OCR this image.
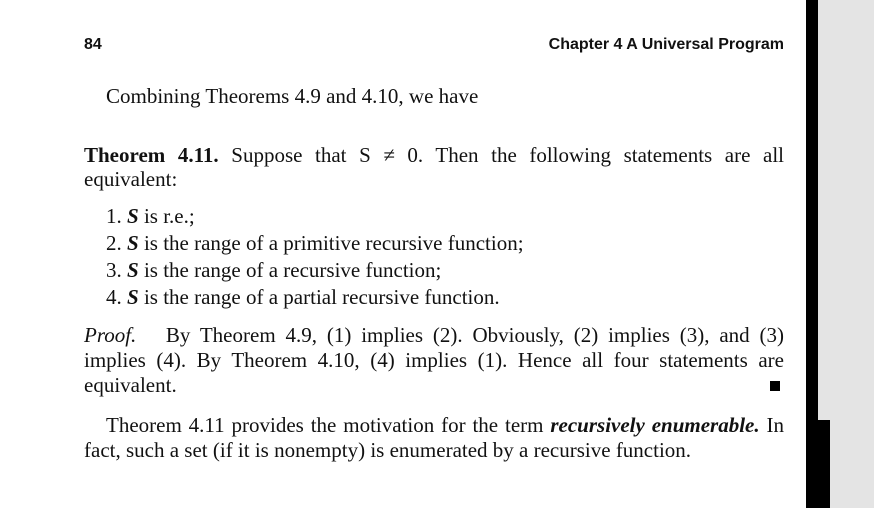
84	Chapter 4 A Universal Program

Combining Theorems 4.9 and 4.10, we have

Theorem 4.11. Suppose that S ≠ 0. Then the following statements are all equivalent:

1. S is r.e.;
2. S is the range of a primitive recursive function;
3. S is the range of a recursive function;
4. S is the range of a partial recursive function.

Proof. By Theorem 4.9, (1) implies (2). Obviously, (2) implies (3), and (3) implies (4). By Theorem 4.10, (4) implies (1). Hence all four statements are equivalent.

Theorem 4.11 provides the motivation for the term recursively enumerable. In fact, such a set (if it is nonempty) is enumerated by a recursive function.
